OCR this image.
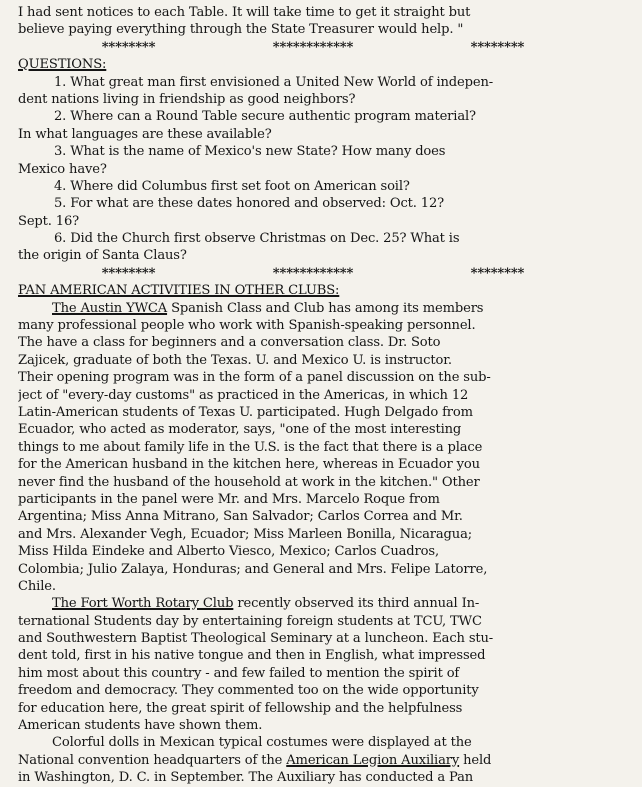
I had sent notices to each Table. It will take time to get it straight but
believe paying everything through the State Treasurer would help. "
********	************	********
QUESTIONS:
1. What great man first envisioned a United New World of indepen-
dent nations living in friendship as good neighbors?
2. Where can a Round Table secure authentic program material?
In what languages are these available?
3. What is the name of Mexico's new State? How many does
Mexico have?
4. Where did Columbus first set foot on American soil?
5. For what are these dates honored and observed: Oct. 12?
Sept. 16?
6. Did the Church first observe Christmas on Dec. 25? What is
the origin of Santa Claus?
********	************	********
PAN AMERICAN ACTIVITIES IN OTHER CLUBS:
The Austin YWCA Spanish Class and Club has among its members
many professional people who work with Spanish-speaking personnel.
The have a class for beginners and a conversation class. Dr. Soto
Zajicek, graduate of both the Texas. U. and Mexico U. is instructor.
Their opening program was in the form of a panel discussion on the sub-
ject of "every-day customs" as practiced in the Americas, in which 12
Latin-American students of Texas U. participated. Hugh Delgado from
Ecuador, who acted as moderator, says, "one of the most interesting
things to me about family life in the U.S. is the fact that there is a place
for the American husband in the kitchen here, whereas in Ecuador you
never find the husband of the household at work in the kitchen." Other
participants in the panel were Mr. and Mrs. Marcelo Roque from
Argentina; Miss Anna Mitrano, San Salvador; Carlos Correa and Mr.
and Mrs. Alexander Vegh, Ecuador; Miss Marleen Bonilla, Nicaragua;
Miss Hilda Eindeke and Alberto Viesco, Mexico; Carlos Cuadros,
Colombia; Julio Zalaya, Honduras; and General and Mrs. Felipe Latorre,
Chile.
The Fort Worth Rotary Club recently observed its third annual In-
ternational Students day by entertaining foreign students at TCU, TWC
and Southwestern Baptist Theological Seminary at a luncheon. Each stu-
dent told, first in his native tongue and then in English, what impressed
him most about this country - and few failed to mention the spirit of
freedom and democracy. They commented too on the wide opportunity
for education here, the great spirit of fellowship and the helpfulness
American students have shown them.
Colorful dolls in Mexican typical costumes were displayed at the
National convention headquarters of the American Legion Auxiliary held
in Washington, D. C. in September. The Auxiliary has conducted a Pan
